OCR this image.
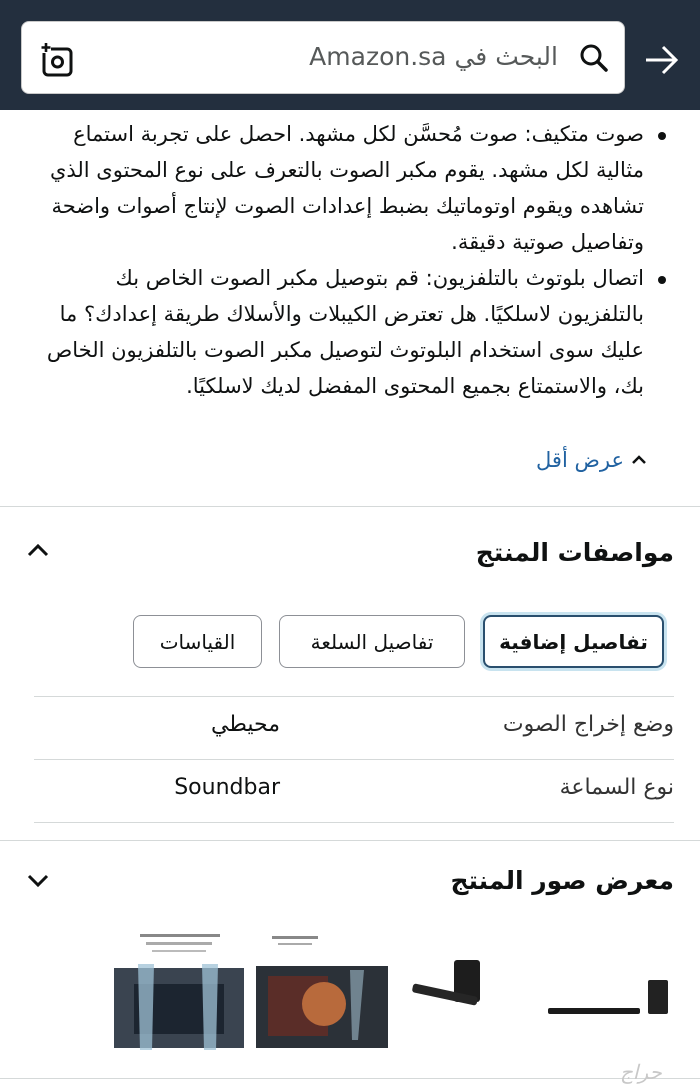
البحث في Amazon.sa
صوت متكيف: صوت مُحسَّن لكل مشهد. احصل على تجربة استماع مثالية لكل مشهد. يقوم مكبر الصوت بالتعرف على نوع المحتوى الذي تشاهده ويقوم اوتوماتيك بضبط إعدادات الصوت لإنتاج أصوات واضحة وتفاصيل صوتية دقيقة.
اتصال بلوتوث بالتلفزيون: قم بتوصيل مكبر الصوت الخاص بك بالتلفزيون لاسلكيًا. هل تعترض الكيبلات والأسلاك طريقة إعدادك؟ ما عليك سوى استخدام البلوتوث لتوصيل مكبر الصوت بالتلفزيون الخاص بك، والاستمتاع بجميع المحتوى المفضل لديك لاسلكيًا.
عرض أقل
مواصفات المنتج
تفاصيل إضافية
تفاصيل السلعة
القياسات
وضع إخراج الصوت
محيطي
نوع السماعة
Soundbar
معرض صور المنتج
حراج
